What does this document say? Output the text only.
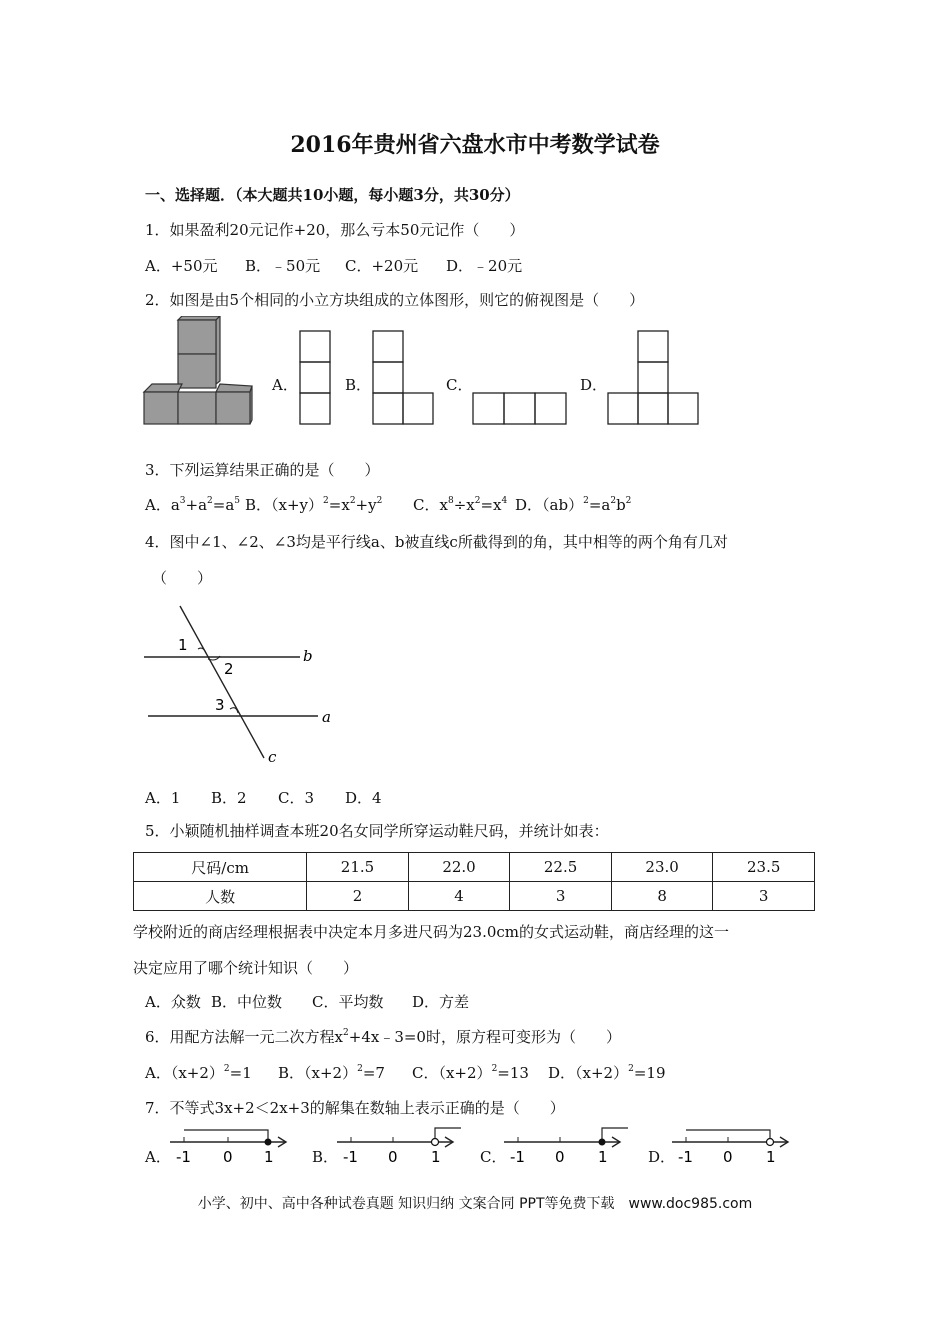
2016年贵州省六盘水市中考数学试卷
一、选择题．（本大题共10小题，每小题3分，共30分）
1．如果盈利20元记作+20，那么亏本50元记作（　　）
A．+50元 B．﹣50元 C．+20元 D．﹣20元
2．如图是由5个相同的小立方块组成的立体图形，则它的俯视图是（　　）
A．	B．	C．	D．
3．下列运算结果正确的是（　　）
A．$a^3+a^2=a^5$ B．$(x+y)^2=x^2+y^2$ C．$x^8\div x^2=x^4$ D．$(ab)^2=a^2b^2$
4．图中∠1、∠2、∠3均是平行线a、b被直线c所截得到的角，其中相等的两个角有几对
（　　）
1
2
3
b
a
c
A．1 B．2 C．3 D．4
5．小颖随机抽样调查本班20名女同学所穿运动鞋尺码，并统计如表：
尺码/cm	21.5	22.0	22.5	23.0	23.5
人数	2	4	3	8	3
学校附近的商店经理根据表中决定本月多进尺码为23.0cm的女式运动鞋，商店经理的这一
决定应用了哪个统计知识（　　）
A．众数 B．中位数 C．平均数 D．方差
6．用配方法解一元二次方程$x^2+4x﹣3=0$时，原方程可变形为（　　）
A．$(x+2)^2=1$ B．$(x+2)^2=7$ C．$(x+2)^2=13$ D．$(x+2)^2=19$
7．不等式3x+2＜2x+3的解集在数轴上表示正确的是（　　）
A．	B．	C．	D．
-1 0 1	-1 0 1	-1 0 1	-1 0 1
小学、初中、高中各种试卷真题 知识归纳 文案合同 PPT等免费下载　www.doc985.com
